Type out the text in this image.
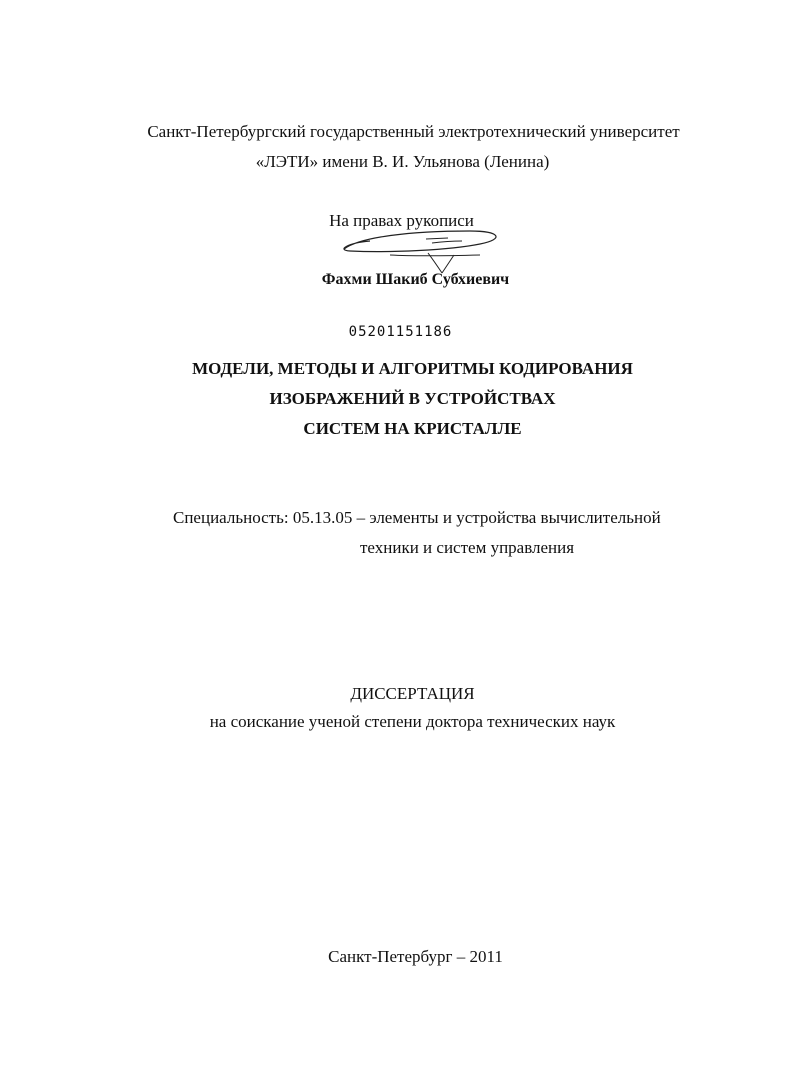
Санкт-Петербургский государственный электротехнический университет
«ЛЭТИ» имени В. И. Ульянова (Ленина)
На правах рукописи
Фахми Шакиб Субхиевич
05201151186
МОДЕЛИ, МЕТОДЫ И АЛГОРИТМЫ КОДИРОВАНИЯ
ИЗОБРАЖЕНИЙ В УСТРОЙСТВАХ
СИСТЕМ НА КРИСТАЛЛЕ
Специальность: 05.13.05 – элементы и устройства вычислительной
техники и систем управления
ДИССЕРТАЦИЯ
на соискание ученой степени доктора технических наук
Санкт-Петербург – 2011
